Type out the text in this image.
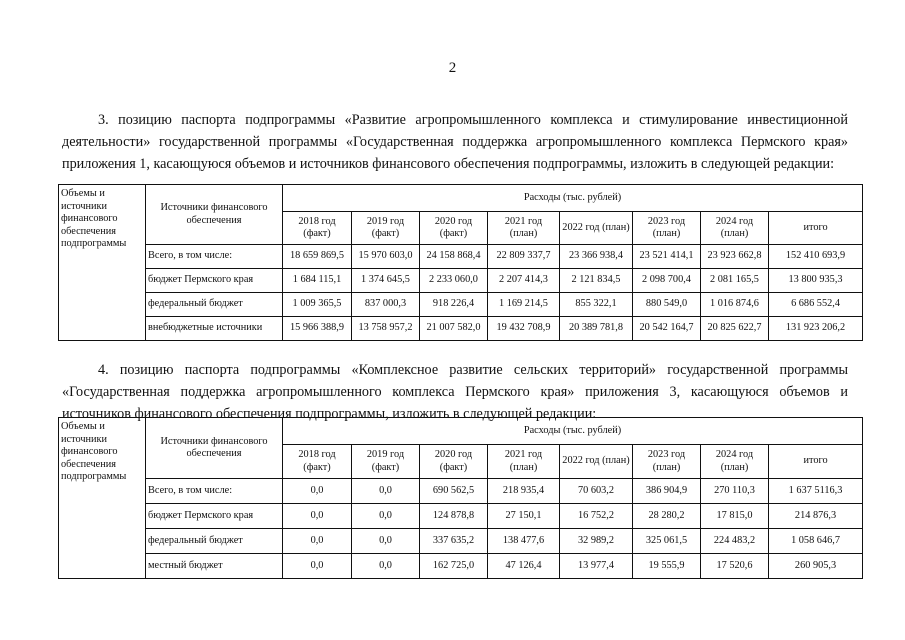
2

3. позицию паспорта подпрограммы «Развитие агропромышленного комплекса и стимулирование инвестиционной деятельности» государственной программы «Государственная поддержка агропромышленного комплекса Пермского края» приложения 1, касающуюся объемов и источников финансового обеспечения подпрограммы, изложить в следующей редакции:

Объемы и источники финансового обеспечения подпрограммы	Источники финансового обеспечения	Расходы (тыс. рублей)							
		2018 год (факт)	2019 год (факт)	2020 год (факт)	2021 год (план)	2022 год (план)	2023 год (план)	2024 год (план)	итого
	Всего, в том числе:	18 659 869,5	15 970 603,0	24 158 868,4	22 809 337,7	23 366 938,4	23 521 414,1	23 923 662,8	152 410 693,9
	бюджет Пермского края	1 684 115,1	1 374 645,5	2 233 060,0	2 207 414,3	2 121 834,5	2 098 700,4	2 081 165,5	13 800 935,3
	федеральный бюджет	1 009 365,5	837 000,3	918 226,4	1 169 214,5	855 322,1	880 549,0	1 016 874,6	6 686 552,4
	внебюджетные источники	15 966 388,9	13 758 957,2	21 007 582,0	19 432 708,9	20 389 781,8	20 542 164,7	20 825 622,7	131 923 206,2

4. позицию паспорта подпрограммы «Комплексное развитие сельских территорий» государственной программы «Государственная поддержка агропромышленного комплекса Пермского края» приложения 3, касающуюся объемов и источников финансового обеспечения подпрограммы, изложить в следующей редакции:

Объемы и источники финансового обеспечения подпрограммы	Источники финансового обеспечения	Расходы (тыс. рублей)							
		2018 год (факт)	2019 год (факт)	2020 год (факт)	2021 год (план)	2022 год (план)	2023 год (план)	2024 год (план)	итого
	Всего, в том числе:	0,0	0,0	690 562,5	218 935,4	70 603,2	386 904,9	270 110,3	1 637 5116,3
	бюджет Пермского края	0,0	0,0	124 878,8	27 150,1	16 752,2	28 280,2	17 815,0	214 876,3
	федеральный бюджет	0,0	0,0	337 635,2	138 477,6	32 989,2	325 061,5	224 483,2	1 058 646,7
	местный бюджет	0,0	0,0	162 725,0	47 126,4	13 977,4	19 555,9	17 520,6	260 905,3
